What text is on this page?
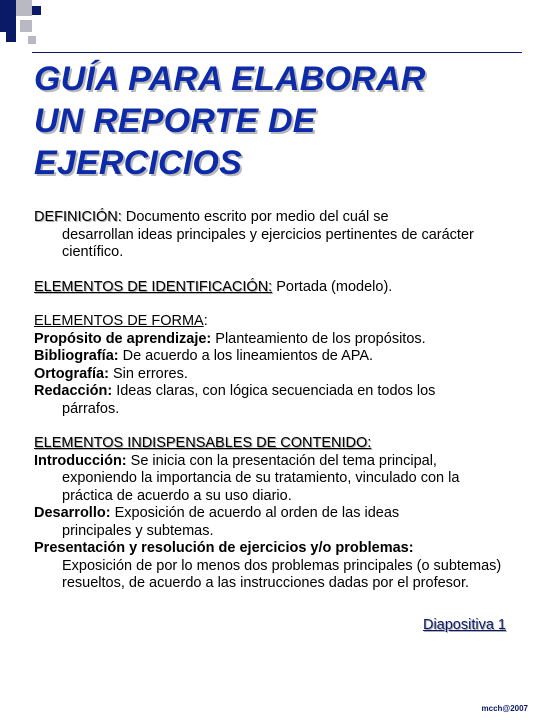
GUÍA PARA ELABORAR
UN REPORTE DE
EJERCICIOS
DEFINICIÓN: Documento escrito por medio del cuál se
desarrollan ideas principales y ejercicios pertinentes de carácter científico.
ELEMENTOS DE IDENTIFICACIÓN: Portada (modelo).
ELEMENTOS DE FORMA:
Propósito de aprendizaje: Planteamiento de los propósitos.
Bibliografía: De acuerdo a los lineamientos de APA.
Ortografía: Sin errores.
Redacción: Ideas claras, con lógica secuenciada en todos los
párrafos.
ELEMENTOS INDISPENSABLES DE CONTENIDO:
Introducción: Se inicia con la presentación del tema principal,
exponiendo la importancia de su tratamiento, vinculado con la práctica de acuerdo a su uso diario.
Desarrollo: Exposición de acuerdo al orden de las ideas
principales y subtemas.
Presentación y resolución de ejercicios y/o problemas:
Exposición de por lo menos dos problemas principales (o subtemas) resueltos, de acuerdo a las instrucciones dadas por el profesor.
Diapositiva 1
mcch@2007
